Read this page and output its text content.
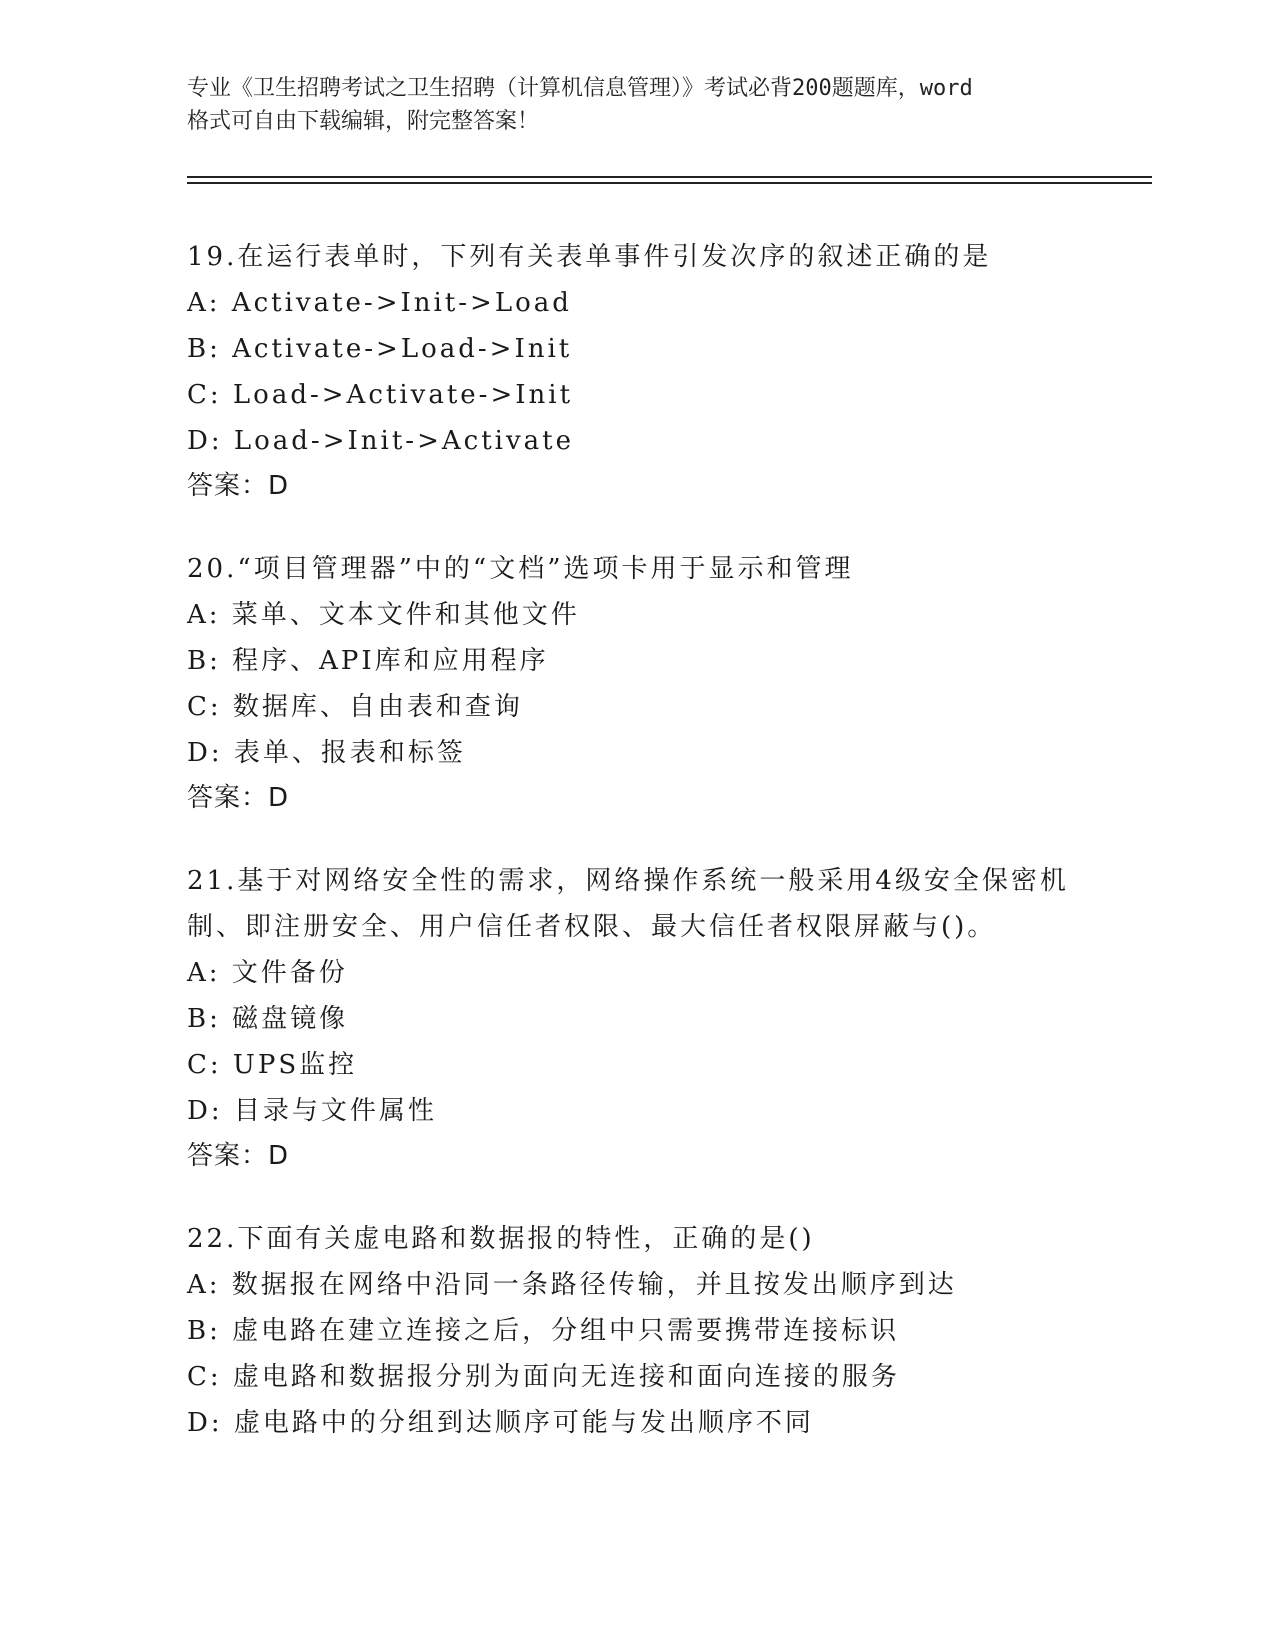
专业《卫生招聘考试之卫生招聘（计算机信息管理）》考试必背200题题库，word
格式可自由下载编辑，附完整答案！
19.在运行表单时，下列有关表单事件引发次序的叙述正确的是
A: Activate->Init->Load
B: Activate->Load->Init
C: Load->Activate->Init
D: Load->Init->Activate
答案：D
20.“项目管理器”中的“文档”选项卡用于显示和管理
A: 菜单、文本文件和其他文件
B: 程序、API库和应用程序
C: 数据库、自由表和查询
D: 表单、报表和标签
答案：D
21.基于对网络安全性的需求，网络操作系统一般采用4级安全保密机制、即注册安全、用户信任者权限、最大信任者权限屏蔽与()。
A: 文件备份
B: 磁盘镜像
C: UPS监控
D: 目录与文件属性
答案：D
22.下面有关虚电路和数据报的特性，正确的是()
A: 数据报在网络中沿同一条路径传输，并且按发出顺序到达
B: 虚电路在建立连接之后，分组中只需要携带连接标识
C: 虚电路和数据报分别为面向无连接和面向连接的服务
D: 虚电路中的分组到达顺序可能与发出顺序不同
